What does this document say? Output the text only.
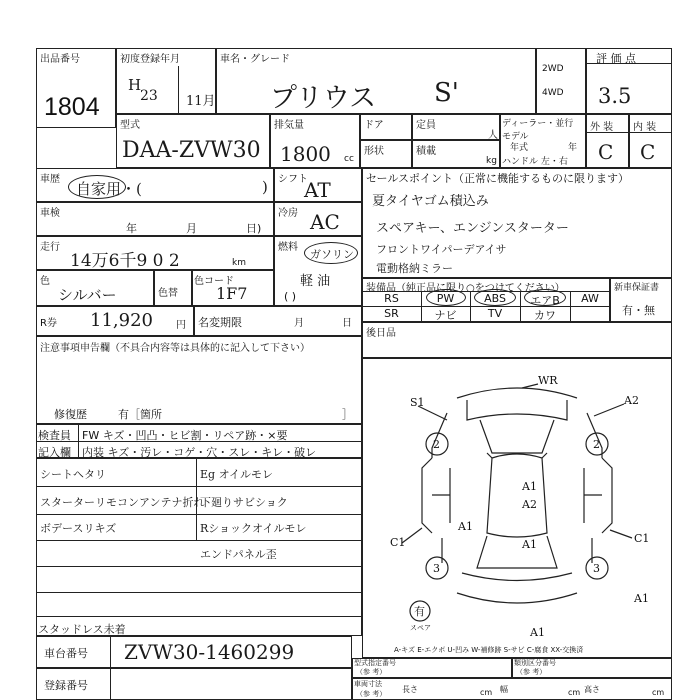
出品番号
1804
初度登録年月
H
23 11月
車名・グレード
プリウス S'
2WD
4WD
評 価 点
3.5
型式
DAA-ZVW30
排気量
1800 cc
ドア	定員
人
形状	積載
kg
ディーラー・並行
モデル
年式	年
ハンドル 左・右
外 装 内 装
C C
車歴
自家用・(	) シフト
AT
車検
年	月	日)
冷房 AC
走行
14万6千9 0 2	km
燃料
ガソリン
軽 油
( )
色
シルバー	色替
色コード
1F7
R券 11,920 円 名変期限	月	日
セールスポイント（正常に機能するものに限ります）
夏タイヤゴム積込み
スペアキー、エンジンスターター
フロントワイパーデアイサ
電動格納ミラー
装備品（純正品に限り○をつけてください）
RS	PW	ABS	エアB	AW
SR	ナビ	TV	カワ
新車保証書
有・無
後日品
注意事項申告欄（不具合内容等は具体的に記入して下さい）
修復歴	有［箇所	］
検査員 FW キズ・凹凸・ヒビ割・リペア跡・×要
記入欄 内装 キズ・汚レ・コゲ・穴・スレ・キレ・破レ
シートヘタリ
スターターリモコンアンテナ折れ
ボデースリキズ
Eg オイルモレ
下廻りサビショク
Rショックオイルモレ
エンドパネル歪
スタッドレス未着
S1
WR
A2
A1
A2
A1
A1
C1	C1
3	3
2	2
A1
A1
有
スペア
A-キズ E-エクボ U-凹み W-補修跡 S-サビ C-腐食 XX-交換済
車台番号 ZVW30-1460299
登録番号
型式指定番号
（参 考）
類別区分番号
（参 考）
車両寸法
（参 考） 長さ	cm 幅	cm 高さ	cm
